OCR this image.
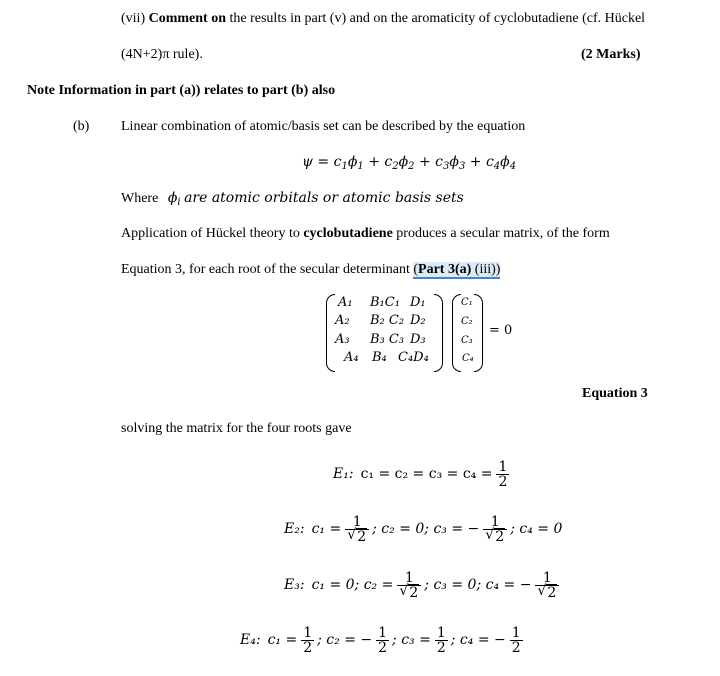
(vii) Comment on the results in part (v) and on the aromaticity of cyclobutadiene (cf. Hückel
(4N+2)π rule).	(2 Marks)
Note Information in part (a)) relates to part (b) also
(b) Linear combination of atomic/basis set can be described by the equation
$\psi = c_1\phi_1 + c_2\phi_2 + c_3\phi_3 + c_4\phi_4$
Where $\phi_i$ are atomic orbitals or atomic basis sets
Application of Hückel theory to cyclobutadiene produces a secular matrix, of the form
Equation 3, for each root of the secular determinant (Part 3(a) (iii))
A₁ B₁C₁ D₁
A₂ B₂ C₂ D₂
A₃ B₃ C₃ D₃
A₄ B₄ C₄D₄
C₁
C₂
C₃
C₄
= 0
Equation 3
solving the matrix for the four roots gave
E₁: $c_1 = c_2 = c_3 = c_4 = \frac{1}{2}$
E₂: c₁ = 1
√ 2 ; c₂ = 0; c₃ = − 1
√ 2 ; c₄ = 0
E₃: c₁ = 0; c₂ = 1
√ 2 ; c₃ = 0; c₄ = − 1
√ 2
E₄: $c_1 = \frac{1}{2}$ ; c₂ = − $\frac{1}{2}$ ; $c_3 = \frac{1}{2}$ ; c₄ = − $\frac{1}{2}$
